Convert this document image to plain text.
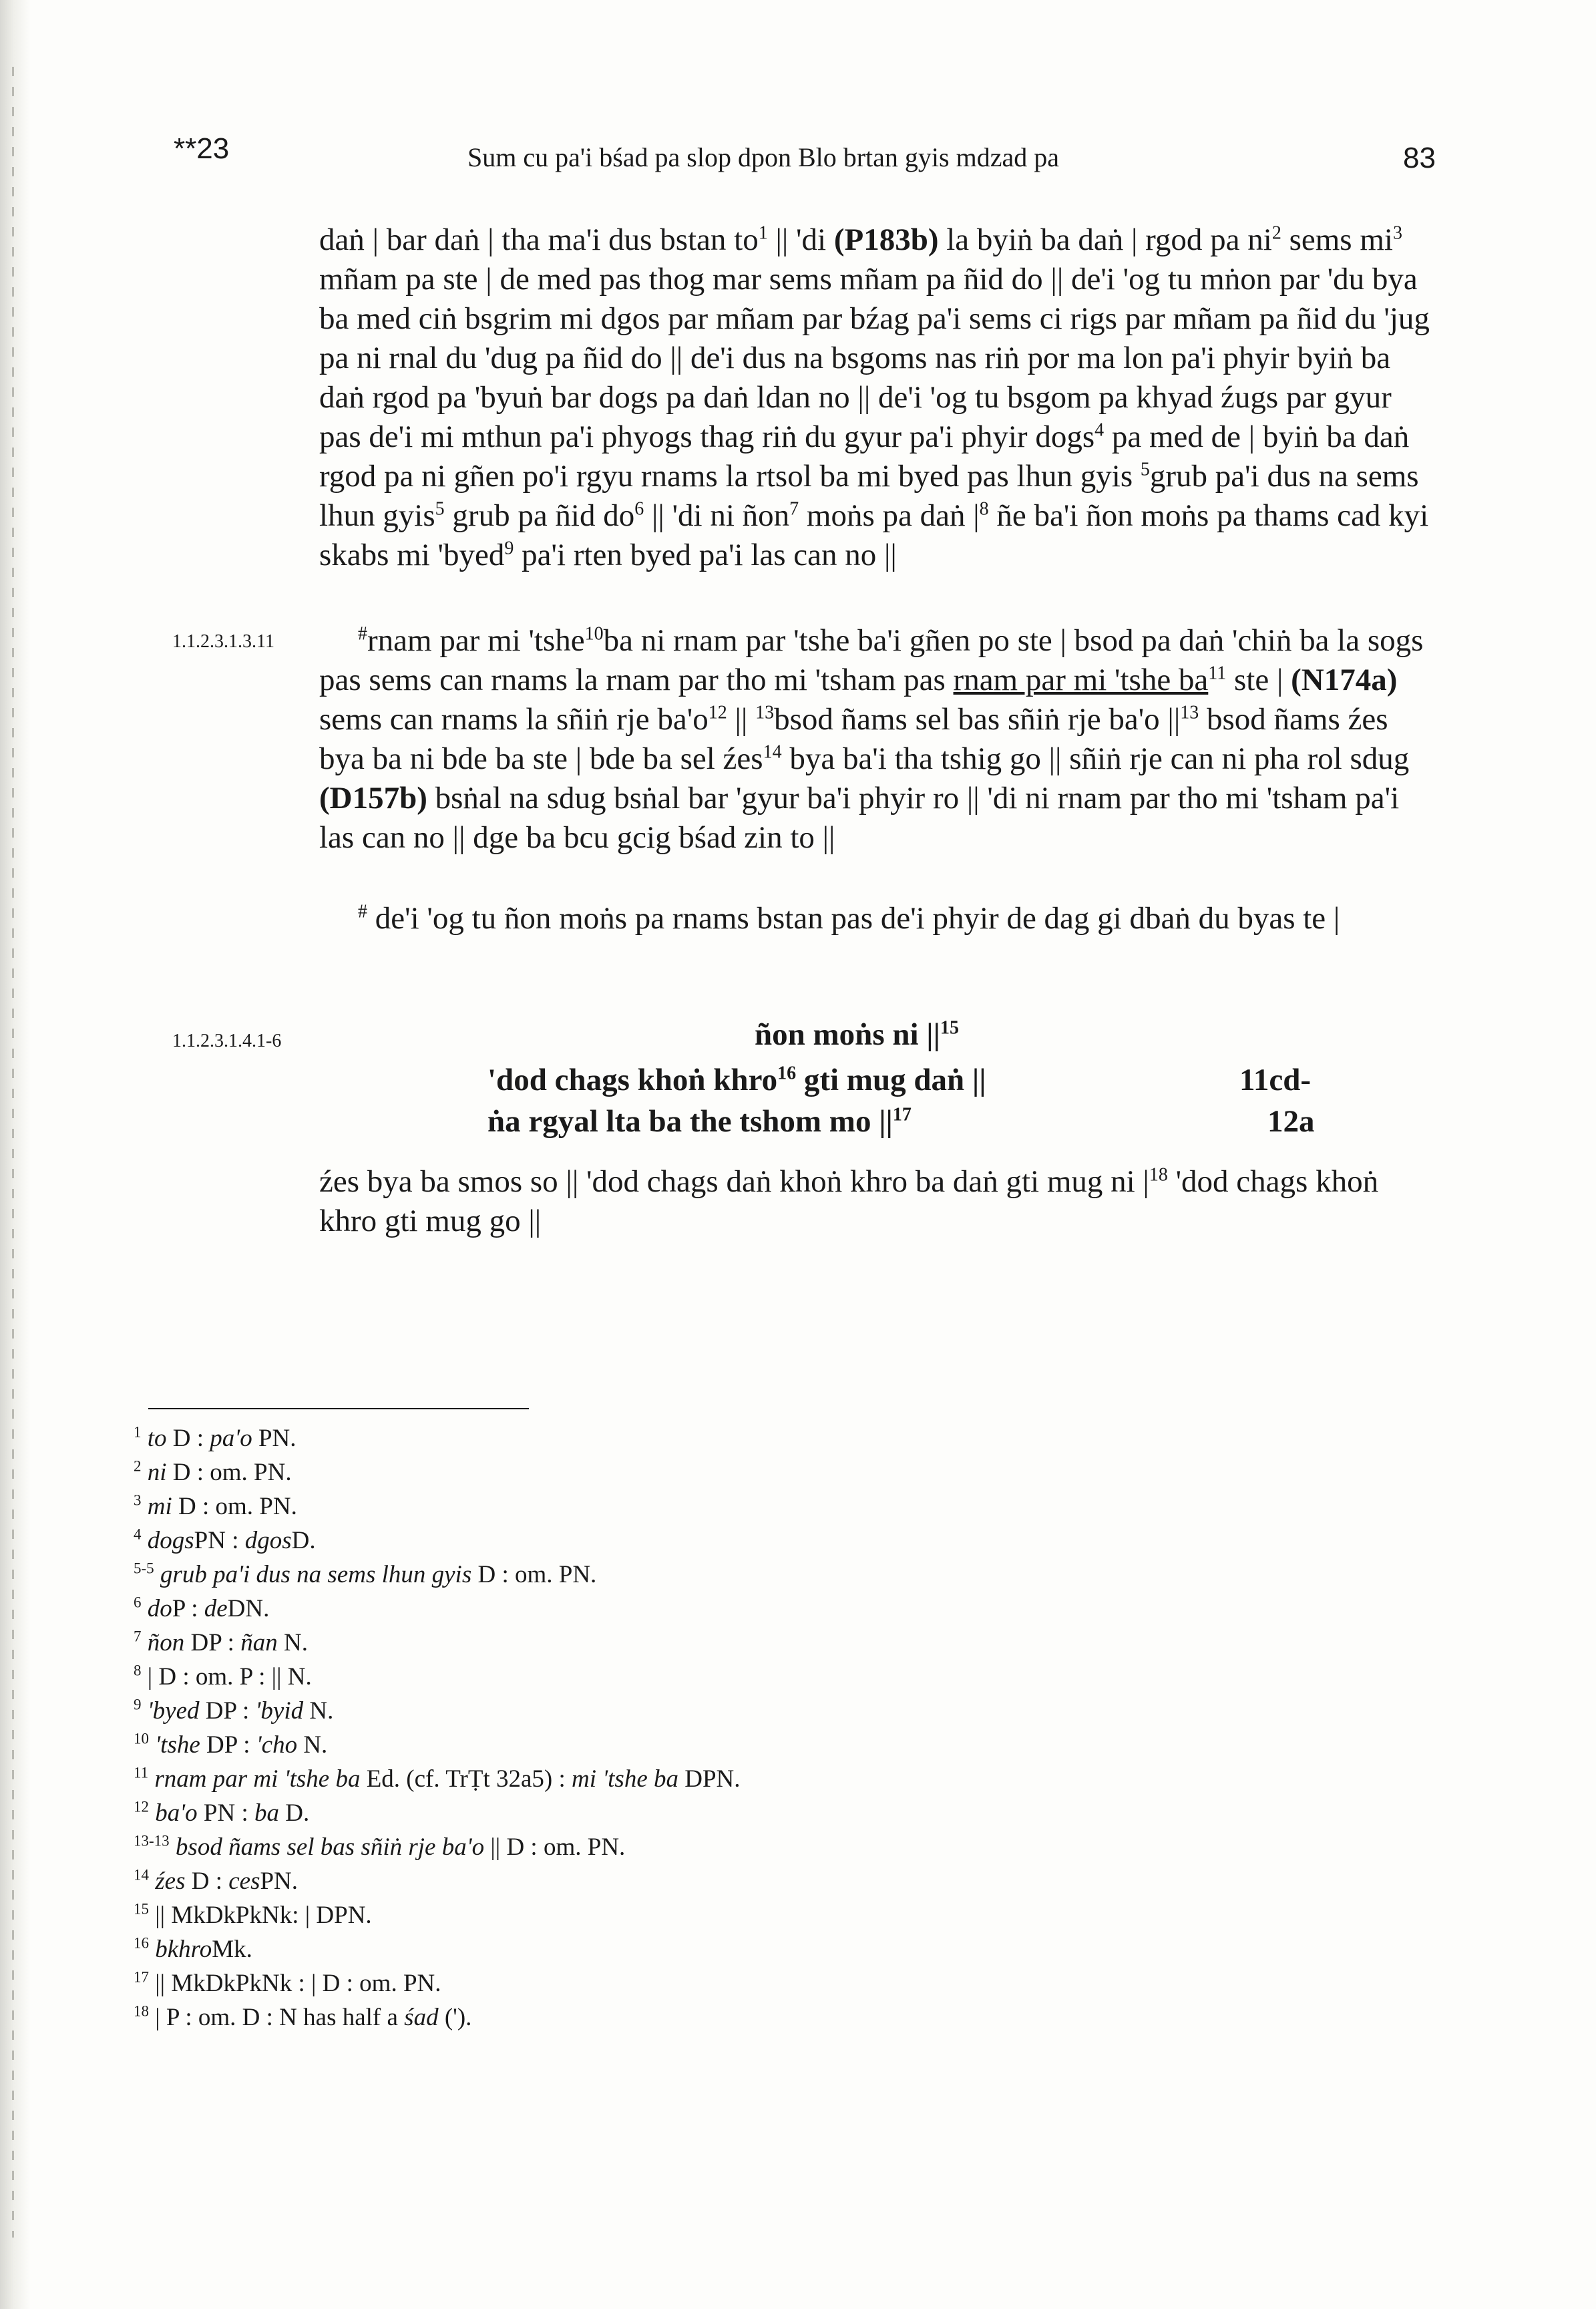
**23	Sum cu pa'i bśad pa slop dpon Blo brtan gyis mdzad pa	83
1.1.2.3.1.3.11
1.1.2.3.1.4.1-6
daṅ | bar daṅ | tha ma'i dus bstan $to^1$ || 'di (P183b) la byiṅ ba daṅ | rgod pa $ni^2$ sems $mi^3$ mñam pa ste | de med pas thog mar sems mñam pa ñid do || de'i 'og tu mṅon par 'du bya ba med ciṅ bsgrim mi dgos par mñam par bźag pa'i sems ci rigs par mñam pa ñid du 'jug pa ni rnal du 'dug pa ñid do || de'i dus na bsgoms nas riṅ por ma lon pa'i phyir byiṅ ba daṅ rgod pa 'byuṅ bar dogs pa daṅ ldan no || de'i 'og tu bsgom pa khyad źugs par gyur pas de'i mi mthun pa'i phyogs thag riṅ du gyur pa'i phyir dogs$^4$ pa med de | byiṅ ba daṅ rgod pa ni gñen po'i rgyu rnams la rtsol ba mi byed pas lhun gyis $^5$grub pa'i dus na sems lhun gyis$^5$ grub pa ñid $do^6$ || 'di ni ñon$^7$ moṅs pa daṅ $|^8$ ñe ba'i ñon moṅs pa thams cad kyi skabs mi 'byed$^9$ pa'i rten byed pa'i las can no ||
#rnam par mi 'tshe$^{10}$ba ni rnam par 'tshe ba'i gñen po ste | bsod pa daṅ 'chiṅ ba la sogs pas sems can rnams la rnam par tho mi 'tsham pas rnam par mi 'tshe $ba^{11}$ ste | (N174a) sems can rnams la sñiṅ rje $ba'o^{12}$ || $^{13}$bsod ñams sel bas sñiṅ rje ba'o $||^{13}$ bsod ñams źes bya ba ni bde ba ste | bde ba sel źes$^{14}$ bya ba'i tha tshig go || sñiṅ rje can ni pha rol sdug (D157b) bsṅal na sdug bsṅal bar 'gyur ba'i phyir ro || 'di ni rnam par tho mi 'tsham pa'i las can no || dge ba bcu gcig bśad zin to ||
# de'i 'og tu ñon moṅs pa rnams bstan pas de'i phyir de dag gi dbaṅ du byas te |
ñon moṅs ni $||^{15}$
'dod chags khoṅ khro$^{16}$ gti mug daṅ ||
ṅa rgyal lta ba the tshom mo $||^{17}$
11cd-
12a
źes bya ba smos so || 'dod chags daṅ khoṅ khro ba daṅ gti mug ni $|^{18}$ 'dod chags khoṅ khro gti mug go ||
$^1$ to D : pa'o PN.
$^2$ ni D : om. PN.
$^3$ mi D : om. PN.
$^4$ dogsPN : dgosD.
$^{5-5}$ grub pa'i dus na sems lhun gyis D : om. PN.
$^6$ doP : deDN.
$^7$ ñon DP : ñan N.
$^8$ | D : om. P : || N.
$^9$ 'byed DP : 'byid N.
$^{10}$ 'tshe DP : 'cho N.
$^{11}$ rnam par mi 'tshe ba Ed. (cf. TrṬt 32a5) : mi 'tshe ba DPN.
$^{12}$ ba'o PN : ba D.
$^{13-13}$ bsod ñams sel bas sñiṅ rje ba'o || D : om. PN.
$^{14}$ źes D : cesPN.
$^{15}$ || MkDkPkNk: | DPN.
$^{16}$ bkhroMk.
$^{17}$ || MkDkPkNk : | D : om. PN.
$^{18}$ | P : om. D : N has half a śad (').
